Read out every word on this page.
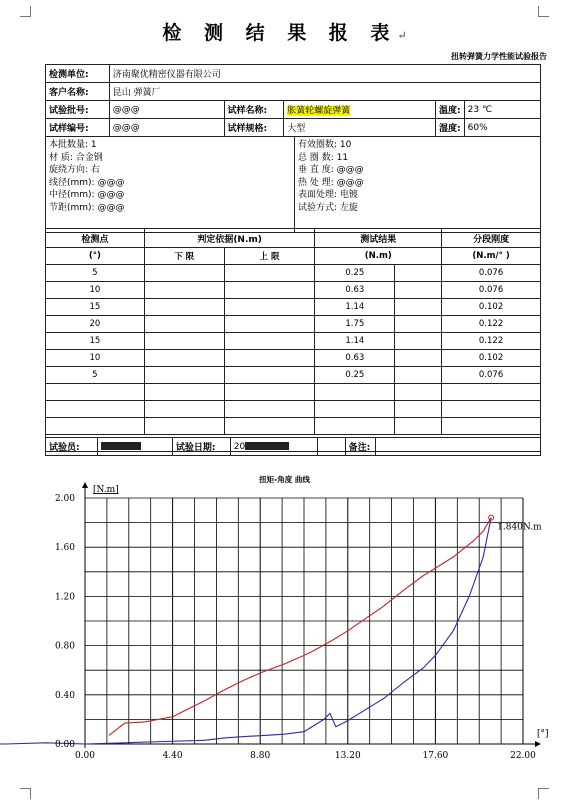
检 测 结 果 报 表↵
扭转弹簧力学性能试验报告
检测单位:	济南聚优精密仪器有限公司				
客户名称:	昆山 弹簧厂				
试验批号:	@@@	试样名称:	胀簧轮螺旋弹簧	温度:	23 ℃
试样编号:	@@@	试样规格:	大型	湿度:	60%
本批数量: 1
材 质: 合金钢
旋绕方向: 右
线径(mm): @@@
中径(mm): @@@
节距(mm): @@@

有效圈数: 10
总 圈 数: 11
垂 直 度: @@@
热 处 理: @@@
表面处理: 电镀
试验方式: 左旋
检测点	判定依据(N.m)		测试结果		分段刚度
(°)	下 限	上 限	(N.m)		(N.m/° )
5			0.25		0.076
10			0.63		0.076
15			1.14		0.102
20			1.75		0.122
15			1.14		0.122
10			0.63		0.102
5			0.25		0.076

试验员:		试验日期:	20		备注:	
扭矩-角度 曲线
0.00	4.40	8.80	13.20	17.60	22.00
0.00
0.40
0.80
1.20
1.60
2.00
[N.m]
[°]
1.840N.m
